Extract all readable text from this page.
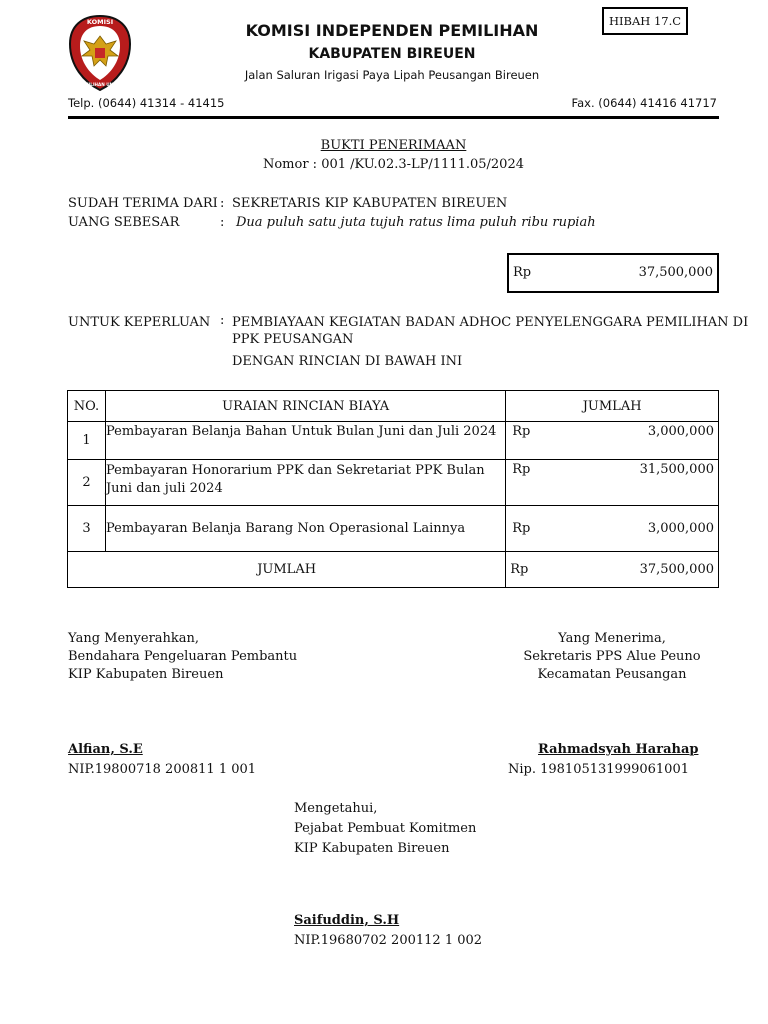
HIBAH 17.C
KOMISI
PEMILIHAN UMUM
KOMISI INDEPENDEN PEMILIHAN
KABUPATEN BIREUEN
Jalan Saluran Irigasi Paya Lipah Peusangan Bireuen
Telp. (0644) 41314 - 41415	Fax. (0644) 41416 41717
BUKTI PENERIMAAN
Nomor : 001 /KU.02.3-LP/1111.05/2024
SUDAH TERIMA DARI : SEKRETARIS KIP KABUPATEN BIREUEN
UANG SEBESAR	: Dua puluh satu juta tujuh ratus lima puluh ribu rupiah
Rp	37,500,000
UNTUK KEPERLUAN : PEMBIAYAAN KEGIATAN BADAN ADHOC PENYELENGGARA PEMILIHAN DI
PPK PEUSANGAN
DENGAN RINCIAN DI BAWAH INI
NO.	URAIAN RINCIAN BIAYA	JUMLAH
1	Pembayaran Belanja Bahan Untuk Bulan Juni dan Juli 2024	Rp 3,000,000

2	Pembayaran Honorarium PPK dan Sekretariat PPK Bulan Juni dan juli 2024	Rp 31,500,000

3	Pembayaran Belanja Barang Non Operasional Lainnya	Rp 3,000,000

JUMLAH		Rp 37,500,000
Yang Menyerahkan,
Bendahara Pengeluaran Pembantu
KIP Kabupaten Bireuen
Alfian, S.E
NIP.19800718 200811 1 001
Yang Menerima,
Sekretaris PPS Alue Peuno
Kecamatan Peusangan
Rahmadsyah Harahap
Nip. 198105131999061001
Mengetahui,
Pejabat Pembuat Komitmen
KIP Kabupaten Bireuen
Saifuddin, S.H
NIP.19680702 200112 1 002
